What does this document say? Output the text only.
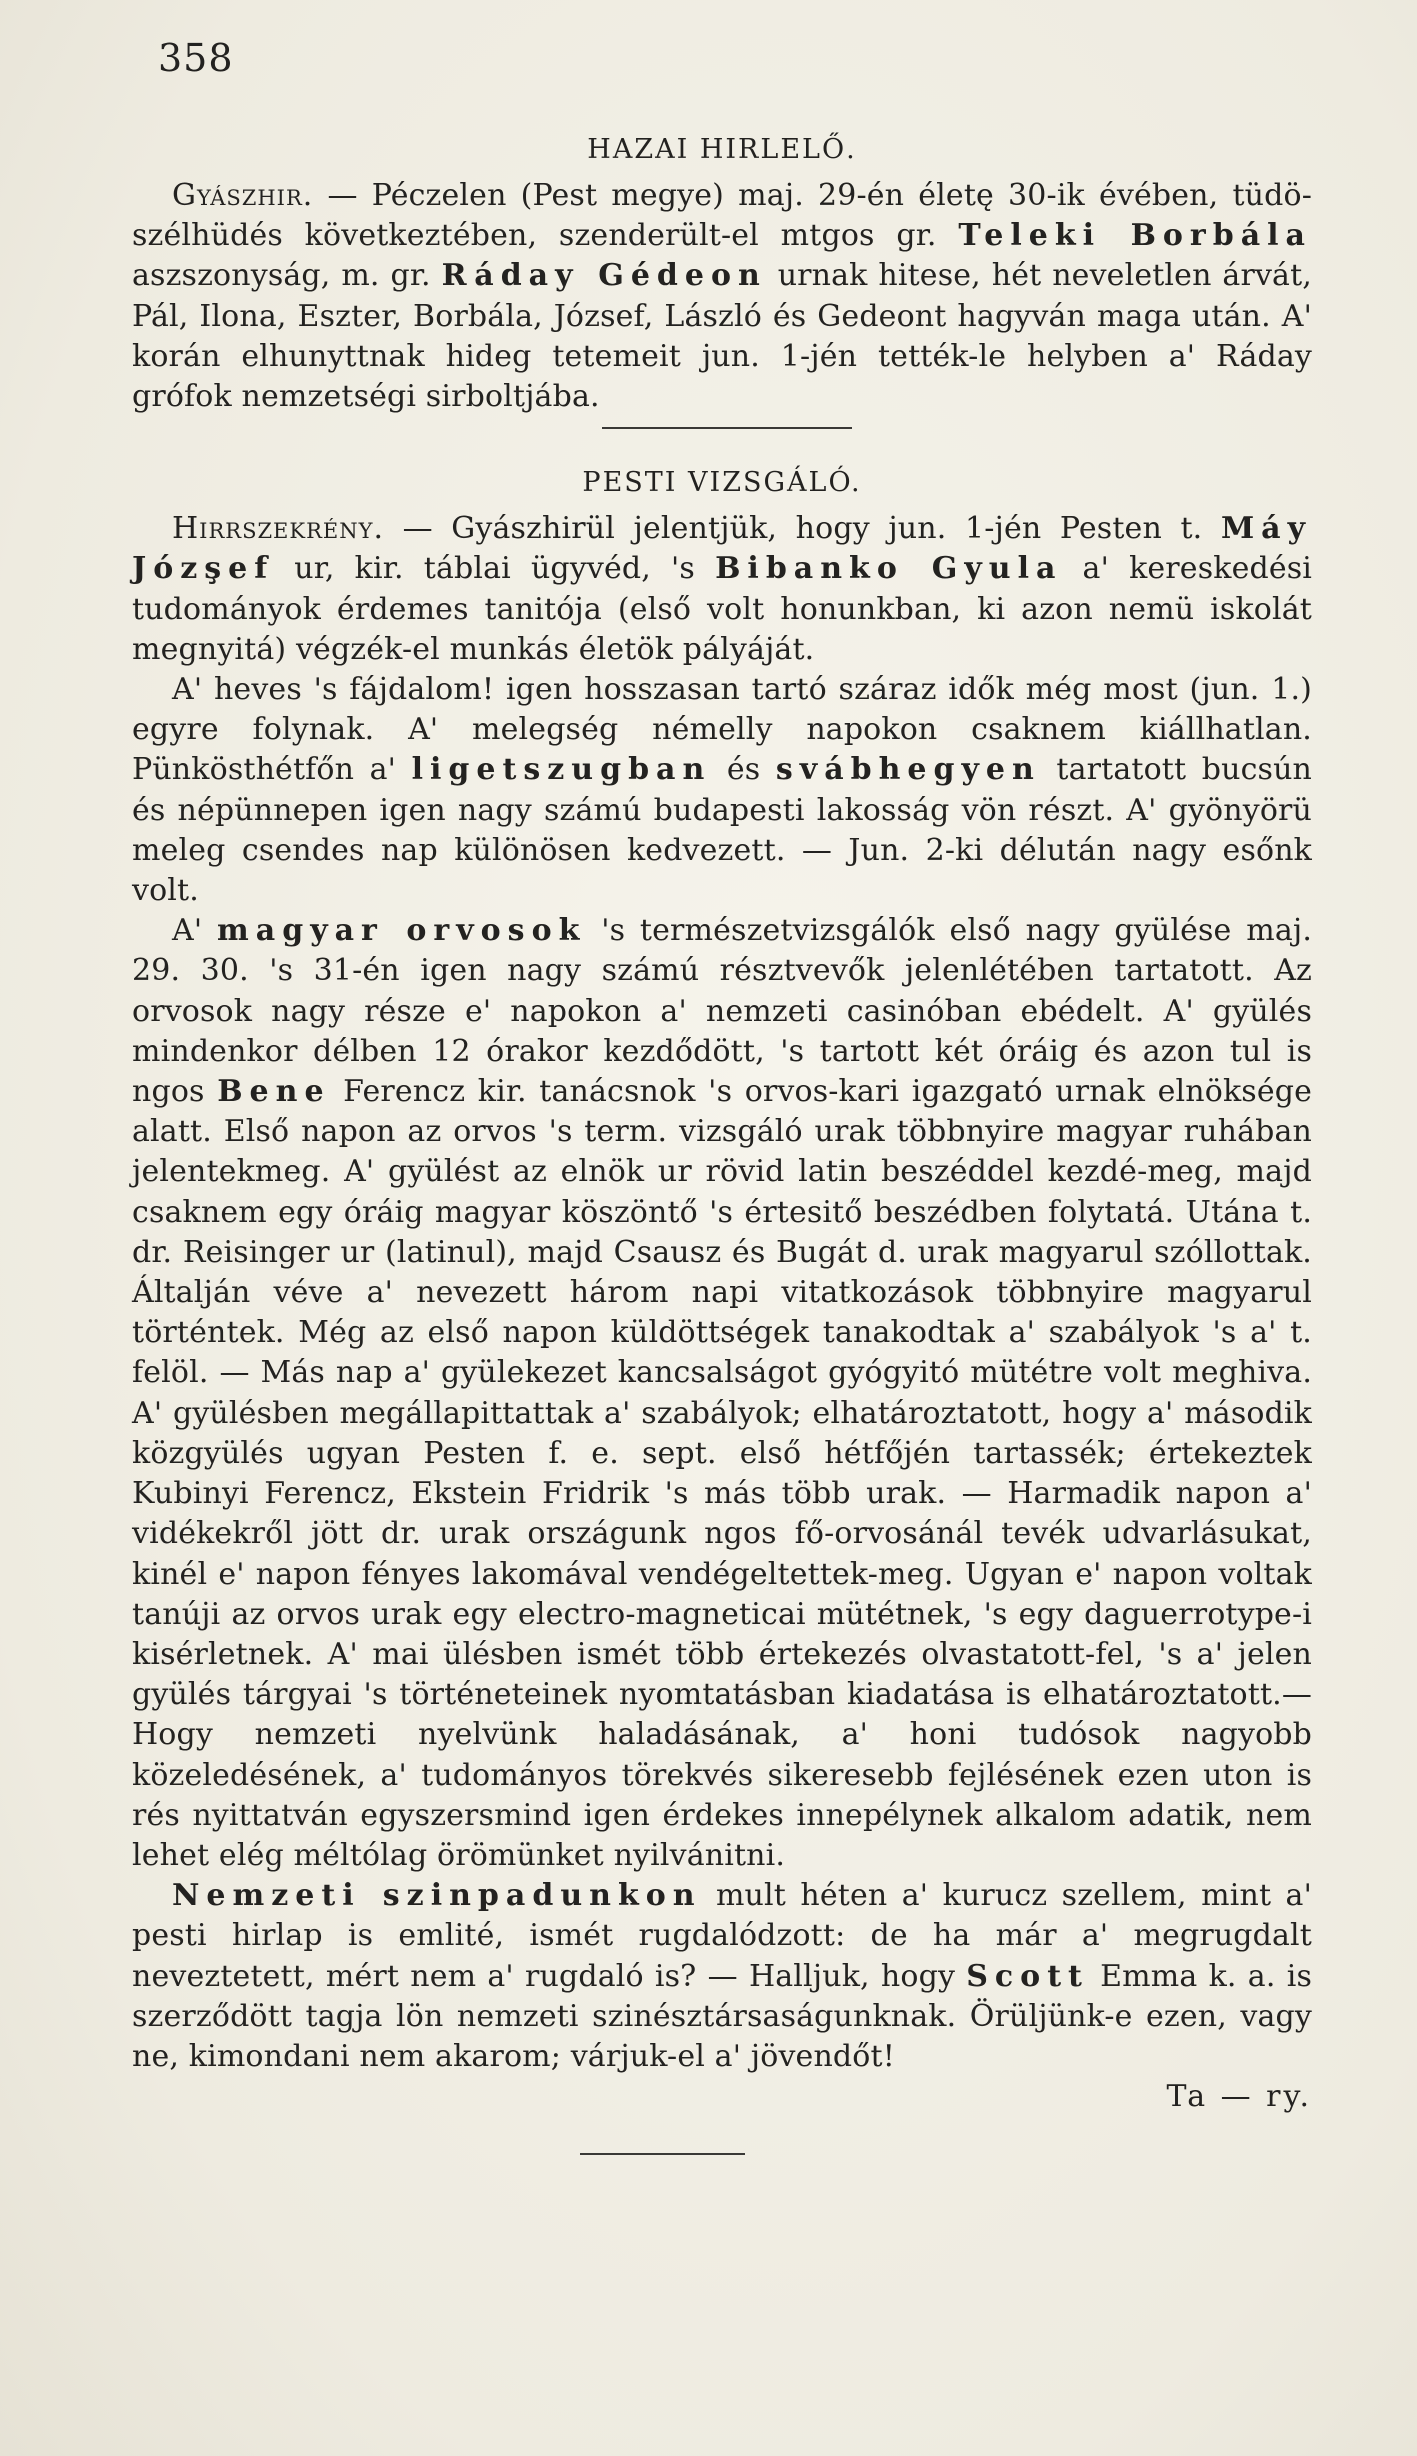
358
HAZAI HIRLELŐ.

Gyászhir. — Péczelen (Pest megye) maj. 29-én életę 30-ik évében, tüdö-szélhüdés következtében, szenderült-el mtgos gr. Teleki Borbála aszszonyság, m. gr. Ráday Gédeon urnak hitese, hét neveletlen árvát, Pál, Ilona, Eszter, Borbála, József, László és Gedeont hagyván maga után. A' korán elhunyttnak hideg tetemeit jun. 1-jén tették-le helyben a' Ráday grófok nemzetségi sirboltjába.

PESTI VIZSGÁLÓ.

Hirrszekrény. — Gyászhirül jelentjük, hogy jun. 1-jén Pesten t. Máy Józşef ur, kir. táblai ügyvéd, 's Bibanko Gyula a' kereskedési tudományok érdemes tanitója (első volt honunkban, ki azon nemü iskolát megnyitá) végzék-el munkás életök pályáját.

A' heves 's fájdalom! igen hosszasan tartó száraz idők még most (jun. 1.) egyre folynak. A' melegség némelly napokon csaknem kiállhatlan. Pünkösthétfőn a' ligetszugban és svábhegyen tartatott bucsún és népünnepen igen nagy számú budapesti lakosság vön részt. A' gyönyörü meleg csendes nap különösen kedvezett. — Jun. 2-ki délután nagy esőnk volt.

A' magyar orvosok 's természetvizsgálók első nagy gyülése maj. 29. 30. 's 31-én igen nagy számú résztvevők jelenlétében tartatott. Az orvosok nagy része e' napokon a' nemzeti casinóban ebédelt. A' gyülés mindenkor délben 12 órakor kezdődött, 's tartott két óráig és azon tul is ngos Bene Ferencz kir. tanácsnok 's orvos-kari igazgató urnak elnöksége alatt. Első napon az orvos 's term. vizsgáló urak többnyire magyar ruhában jelentekmeg. A' gyülést az elnök ur rövid latin beszéddel kezdé-meg, majd csaknem egy óráig magyar köszöntő 's értesitő beszédben folytatá. Utána t. dr. Reisinger ur (latinul), majd Csausz és Bugát d. urak magyarul szóllottak. Általján véve a' nevezett három napi vitatkozások többnyire magyarul történtek. Még az első napon küldöttségek tanakodtak a' szabályok 's a' t. felöl. — Más nap a' gyülekezet kancsalságot gyógyitó mütétre volt meghiva. A' gyülésben megállapittattak a' szabályok; elhatároztatott, hogy a' második közgyülés ugyan Pesten f. e. sept. első hétfőjén tartassék; értekeztek Kubinyi Ferencz, Ekstein Fridrik 's más több urak. — Harmadik napon a' vidékekről jött dr. urak országunk ngos fő-orvosánál tevék udvarlásukat, kinél e' napon fényes lakomával vendégeltettek-meg. Ugyan e' napon voltak tanúji az orvos urak egy electro-magneticai mütétnek, 's egy daguerrotype-i kisérletnek. A' mai ülésben ismét több értekezés olvastatott-fel, 's a' jelen gyülés tárgyai 's történeteinek nyomtatásban kiadatása is elhatároztatott.—Hogy nemzeti nyelvünk haladásának, a' honi tudósok nagyobb közeledésének, a' tudományos törekvés sikeresebb fejlésének ezen uton is rés nyittatván egyszersmind igen érdekes innepélynek alkalom adatik, nem lehet elég méltólag örömünket nyilvánitni.

Nemzeti szinpadunkon mult héten a' kurucz szellem, mint a' pesti hirlap is emlité, ismét rugdalódzott: de ha már a' megrugdalt neveztetett, mért nem a' rugdaló is? — Halljuk, hogy Scott Emma k. a. is szerződött tagja lön nemzeti szinésztársaságunknak. Örüljünk-e ezen, vagy ne, kimondani nem akarom; várjuk-el a' jövendőt!

Ta — ry.
